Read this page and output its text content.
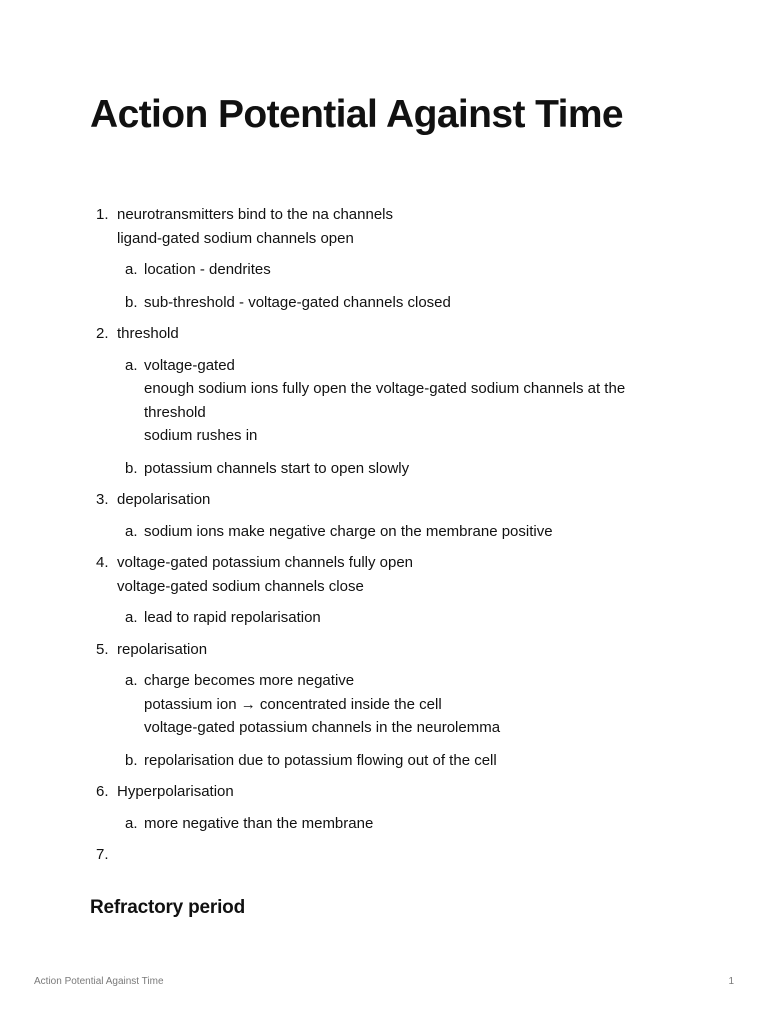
Action Potential Against Time
1. neurotransmitters bind to the na channels
ligand-gated sodium channels open
a. location - dendrites
b. sub-threshold - voltage-gated channels closed
2. threshold
a. voltage-gated
enough sodium ions fully open the voltage-gated sodium channels at the
threshold
sodium rushes in
b. potassium channels start to open slowly
3. depolarisation
a. sodium ions make negative charge on the membrane positive
4. voltage-gated potassium channels fully open
voltage-gated sodium channels close
a. lead to rapid repolarisation
5. repolarisation
a. charge becomes more negative
potassium ion → concentrated inside the cell
voltage-gated potassium channels in the neurolemma
b. repolarisation due to potassium flowing out of the cell
6. Hyperpolarisation
a. more negative than the membrane
7.

Refractory period
Action Potential Against Time	1
